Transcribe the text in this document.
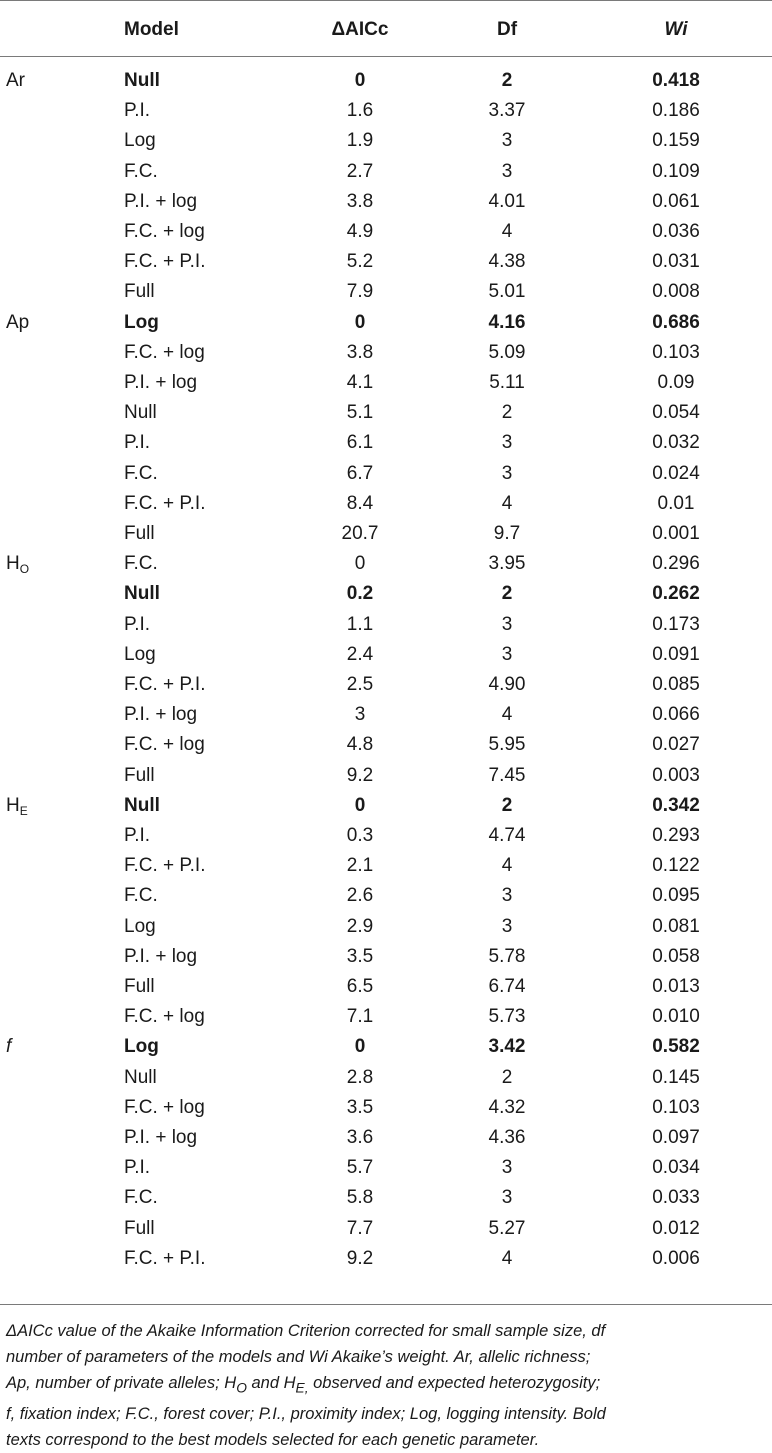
Model	ΔAICc	Df	Wi
Ar	Null	0	2	0.418
P.I.	1.6	3.37	0.186
Log	1.9	3	0.159
F.C.	2.7	3	0.109
P.I. + log	3.8	4.01	0.061
F.C. + log	4.9	4	0.036
F.C. + P.I.	5.2	4.38	0.031
Full	7.9	5.01	0.008
Ap	Log	0	4.16	0.686
F.C. + log	3.8	5.09	0.103
P.I. + log	4.1	5.11	0.09
Null	5.1	2	0.054
P.I.	6.1	3	0.032
F.C.	6.7	3	0.024
F.C. + P.I.	8.4	4	0.01
Full	20.7	9.7	0.001
$H_O$	F.C.	0	3.95	0.296
Null	0.2	2	0.262
P.I.	1.1	3	0.173
Log	2.4	3	0.091
F.C. + P.I.	2.5	4.90	0.085
P.I. + log	3	4	0.066
F.C. + log	4.8	5.95	0.027
Full	9.2	7.45	0.003
$H_E$	Null	0	2	0.342
P.I.	0.3	4.74	0.293
F.C. + P.I.	2.1	4	0.122
F.C.	2.6	3	0.095
Log	2.9	3	0.081
P.I. + log	3.5	5.78	0.058
Full	6.5	6.74	0.013
F.C. + log	7.1	5.73	0.010
f	Log	0	3.42	0.582
Null	2.8	2	0.145
F.C. + log	3.5	4.32	0.103
P.I. + log	3.6	4.36	0.097
P.I.	5.7	3	0.034
F.C.	5.8	3	0.033
Full	7.7	5.27	0.012
F.C. + P.I.	9.2	4	0.006

ΔAICc value of the Akaike Information Criterion corrected for small sample size, df

number of parameters of the models and Wi Akaike’s weight. Ar, allelic richness;

Ap, number of private alleles; $H_O$ and $H_{E,}$ observed and expected heterozygosity;

f, fixation index; F.C., forest cover; P.I., proximity index; Log, logging intensity. Bold

texts correspond to the best models selected for each genetic parameter.
